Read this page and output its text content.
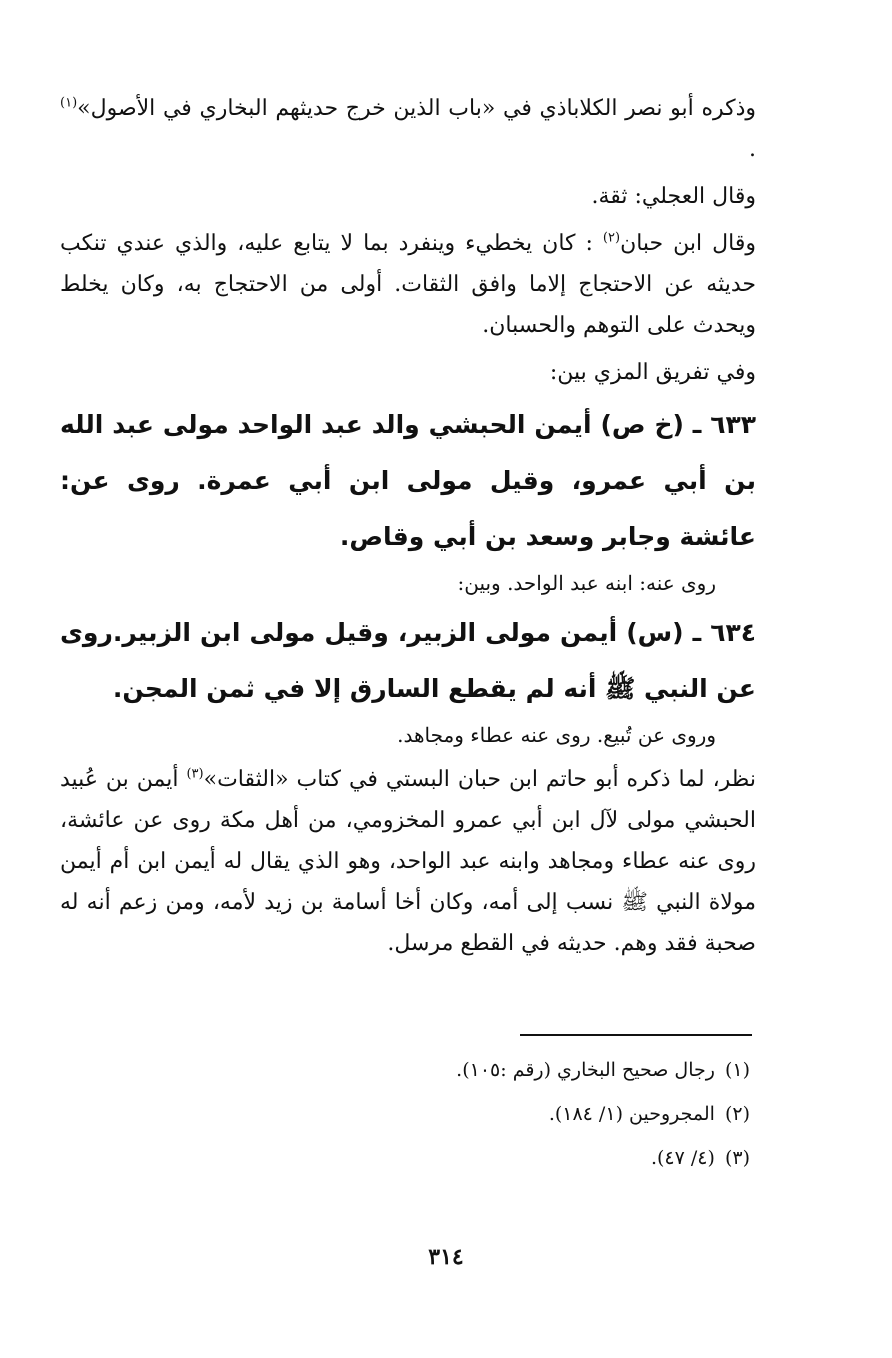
وذكره أبو نصر الكلاباذي في «باب الذين خرج حديثهم البخاري في الأصول»$^{(١)}$ .

وقال العجلي: ثقة.

وقال ابن حبان$^{(٢)}$ : كان يخطيء وينفرد بما لا يتابع عليه، والذي عندي تنكب حديثه عن الاحتجاج إلاما وافق الثقات. أولى من الاحتجاج به، وكان يخلط ويحدث على التوهم والحسبان.

وفي تفريق المزي بين:

٦٣٣ ـ (خ ص) أيمن الحبشي والد عبد الواحد مولى عبد الله بن أبي عمرو، وقيل مولى ابن أبي عمرة. روى عن: عائشة وجابر وسعد بن أبي وقاص.

روى عنه: ابنه عبد الواحد. وبين:

٦٣٤ ـ (س) أيمن مولى الزبير، وقيل مولى ابن الزبير.روى عن النبي ﷺ أنه لم يقطع السارق إلا في ثمن المجن.

وروى عن تُبيع. روى عنه عطاء ومجاهد.

نظر، لما ذكره أبو حاتم ابن حبان البستي في كتاب «الثقات»$^{(٣)}$ أيمن بن عُبيد الحبشي مولى لآل ابن أبي عمرو المخزومي، من أهل مكة روى عن عائشة، روى عنه عطاء ومجاهد وابنه عبد الواحد، وهو الذي يقال له أيمن ابن أم أيمن مولاة النبي ﷺ نسب إلى أمه، وكان أخا أسامة بن زيد لأمه، ومن زعم أنه له صحبة فقد وهم. حديثه في القطع مرسل.

(١)رجال صحيح البخاري (رقم :١٠٥).
(٢)المجروحين (١/ ١٨٤).
(٣)(٤/ ٤٧).
٣١٤
